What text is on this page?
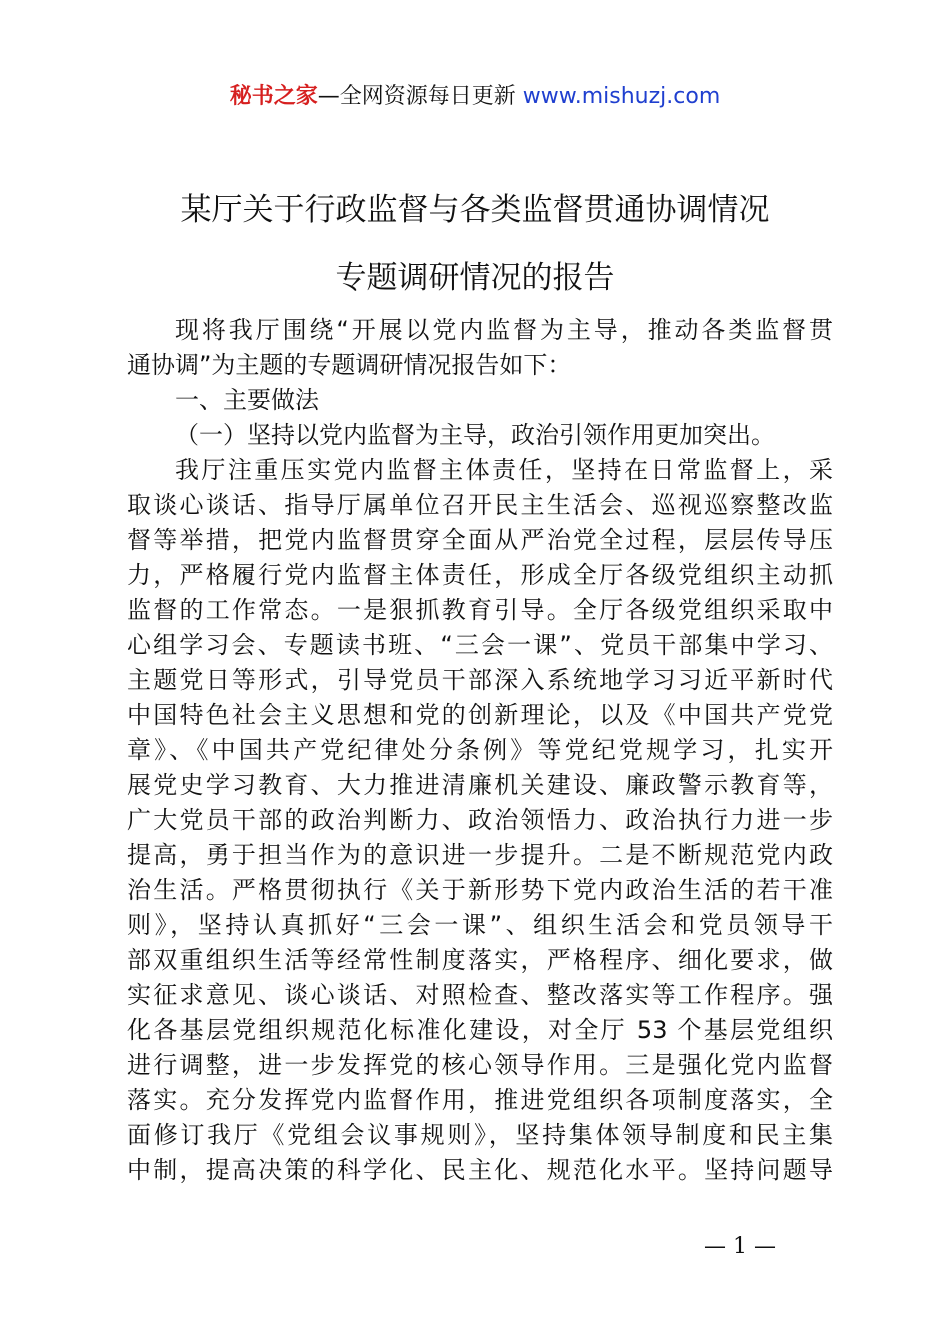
秘书之家—全网资源每日更新 www.mishuzj.com
某厅关于行政监督与各类监督贯通协调情况
专题调研情况的报告
现将我厅围绕“开展以党内监督为主导，推动各类监督贯
通协调”为主题的专题调研情况报告如下：
一、主要做法
（一）坚持以党内监督为主导，政治引领作用更加突出。
我厅注重压实党内监督主体责任，坚持在日常监督上，采
取谈心谈话、指导厅属单位召开民主生活会、巡视巡察整改监
督等举措，把党内监督贯穿全面从严治党全过程，层层传导压
力，严格履行党内监督主体责任，形成全厅各级党组织主动抓
监督的工作常态。一是狠抓教育引导。全厅各级党组织采取中
心组学习会、专题读书班、“三会一课”、党员干部集中学习、
主题党日等形式，引导党员干部深入系统地学习习近平新时代
中国特色社会主义思想和党的创新理论，以及《中国共产党党
章》、《中国共产党纪律处分条例》等党纪党规学习，扎实开
展党史学习教育、大力推进清廉机关建设、廉政警示教育等，
广大党员干部的政治判断力、政治领悟力、政治执行力进一步
提高，勇于担当作为的意识进一步提升。二是不断规范党内政
治生活。严格贯彻执行《关于新形势下党内政治生活的若干准
则》，坚持认真抓好“三会一课”、组织生活会和党员领导干
部双重组织生活等经常性制度落实，严格程序、细化要求，做
实征求意见、谈心谈话、对照检查、整改落实等工作程序。强
化各基层党组织规范化标准化建设，对全厅 53 个基层党组织
进行调整，进一步发挥党的核心领导作用。三是强化党内监督
落实。充分发挥党内监督作用，推进党组织各项制度落实，全
面修订我厅《党组会议事规则》，坚持集体领导制度和民主集
中制，提高决策的科学化、民主化、规范化水平。坚持问题导
— 1 —
